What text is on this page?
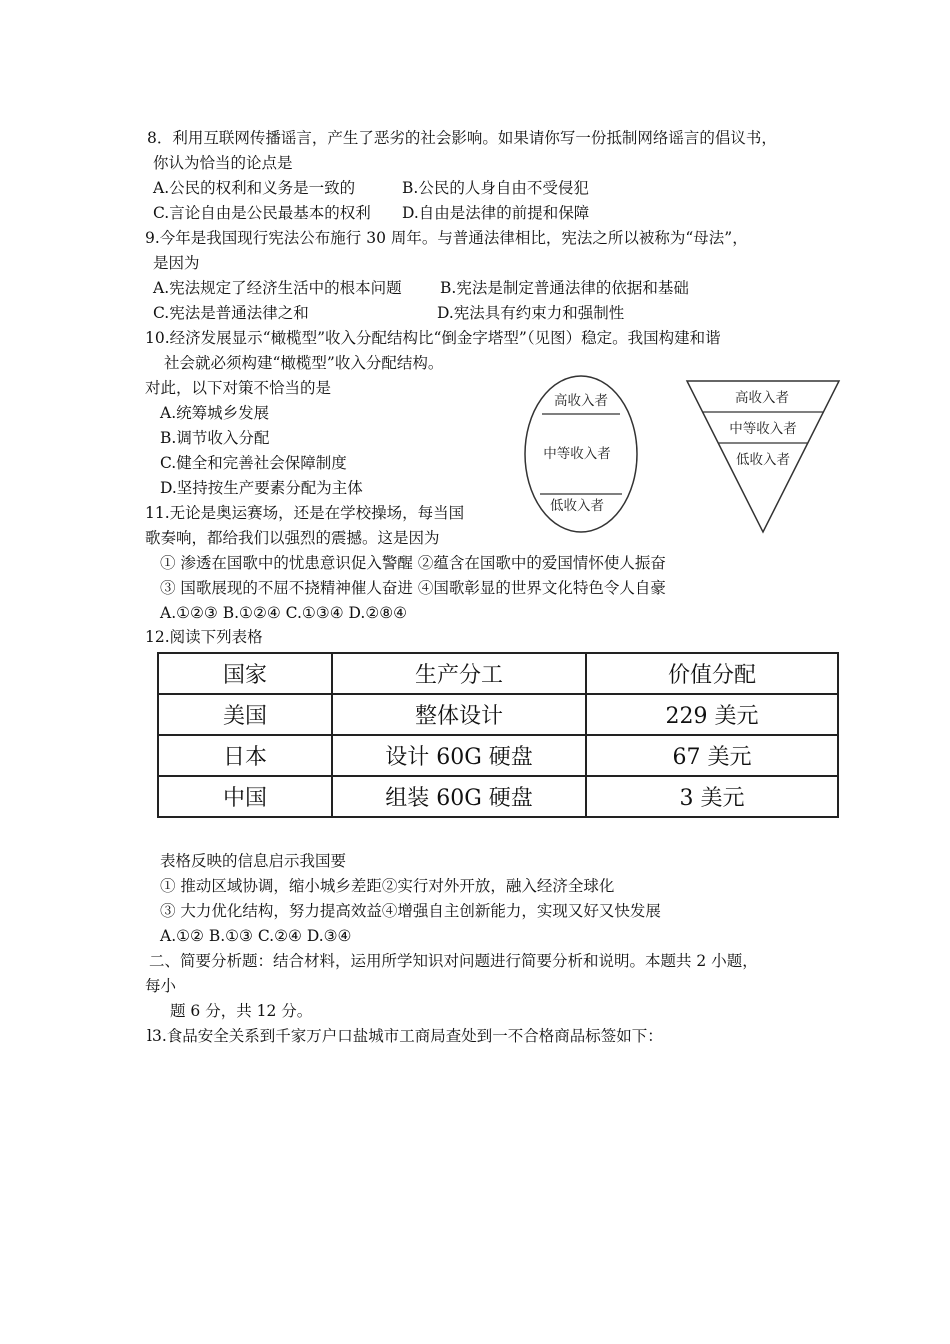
8．利用互联网传播谣言，产生了恶劣的社会影响。如果请你写一份抵制网络谣言的倡议书，
你认为恰当的论点是
A.公民的权利和义务是一致的	B.公民的人身自由不受侵犯
C.言论自由是公民最基本的权利 D.自由是法律的前提和保障
9.今年是我国现行宪法公布施行 30 周年。与普通法律相比，宪法之所以被称为“母法”，
是因为
A.宪法规定了经济生活中的根本问题 B.宪法是制定普通法律的依据和基础
C.宪法是普通法律之和	D.宪法具有约束力和强制性
10.经济发展显示“橄榄型”收入分配结构比“倒金字塔型”（见图）稳定。我国构建和谐
社会就必须构建“橄榄型”收入分配结构。
对此，以下对策不恰当的是
A.统筹城乡发展
B.调节收入分配
C.健全和完善社会保障制度
D.坚持按生产要素分配为主体
高收入者
中等收入者
低收入者
高收入者
中等收入者
低收入者
11.无论是奥运赛场，还是在学校操场，每当国
歌奏响，都给我们以强烈的震撼。这是因为
① 渗透在国歌中的忧患意识促入警醒 ②蕴含在国歌中的爱国情怀使人振奋
③ 国歌展现的不屈不挠精神催人奋进 ④国歌彰显的世界文化特色令人自豪
A.①②③ B.①②④ C.①③④ D.②⑧④
12.阅读下列表格
国家	生产分工	价值分配
美国	整体设计	229 美元
日本	设计 60G 硬盘	67 美元
中国	组装 60G 硬盘	3 美元
表格反映的信息启示我国要
① 推动区域协调，缩小城乡差距②实行对外开放，融入经济全球化
③ 大力优化结构，努力提高效益④增强自主创新能力，实现又好又快发展
A.①② B.①③ C.②④ D.③④
二、简要分析题：结合材料，运用所学知识对问题进行简要分析和说明。本题共 2 小题，
每小
题 6 分，共 12 分。
l3.食品安全关系到千家万户口盐城市工商局查处到一不合格商品标签如下：
